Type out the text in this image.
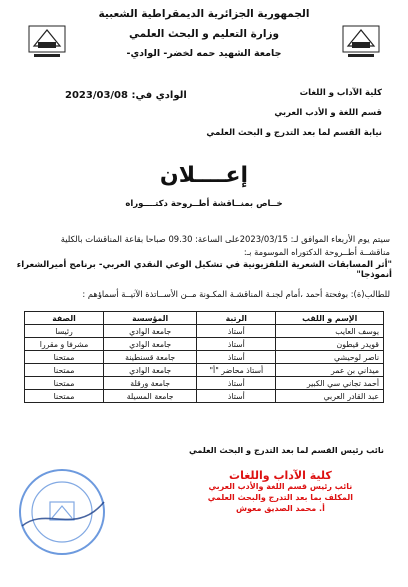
الجمهورية الجزائرية الديمقراطية الشعبية
وزارة التعليم و البحث العلمي
جامعة الشهيد حمه لخضر- الوادي-
كلية الآداب و اللغات
قسم اللغة و الأدب العربي
نيابة القسم لما بعد التدرج و البحث العلمي
الوادي في: 2023/03/08
إعــــلان
خــاص بمنــاقشة أطــروحة دكتــــوراه
سيتم يوم الأربعاء الموافق لـ: 2023/03/15على الساعة: 09.30 صباحا بقاعة المناقشات بالكلية
مناقشــة أطــروحة الدكتوراه الموسومة بـ:
"أثر المسابقات الشعرية التلفزيونية في تشكيل الوعي النقدي العربي- برنامج أميرالشعراء أنموذجا"
للطالب(ة): بوفحتة أحمد ،أمام لجنـة المناقشـة المكـونة مــن الأســاتذة الآتيــة أسماؤهم :
الإسم و اللقب	الرتبة	المؤسسة	الصفة
يوسف العايب	أستاذ	جامعة الوادي	رئيسا
قويدر قيطون	أستاذ	جامعة الوادي	مشرفا و مقررا
ناصر لوحيشي	أستاذ	جامعة قسنطينة	ممتحنا
ميداني بن عمر	أستاذ محاضر "أ"	جامعة الوادي	ممتحنا
أحمد تجاني سي الكبير	أستاذ	جامعة ورقلة	ممتحنا
عبد القادر العربي	أستاذ	جامعة المسيلة	ممتحنا
نائب رئيس القسم لما بعد التدرج و البحث العلمي
كلية الآداب واللغات
نائب رئيس قسم اللغة والأدب العربي
المكلف بما بعد التدرج والبحث العلمي
أ. محمد الصديق معوش
